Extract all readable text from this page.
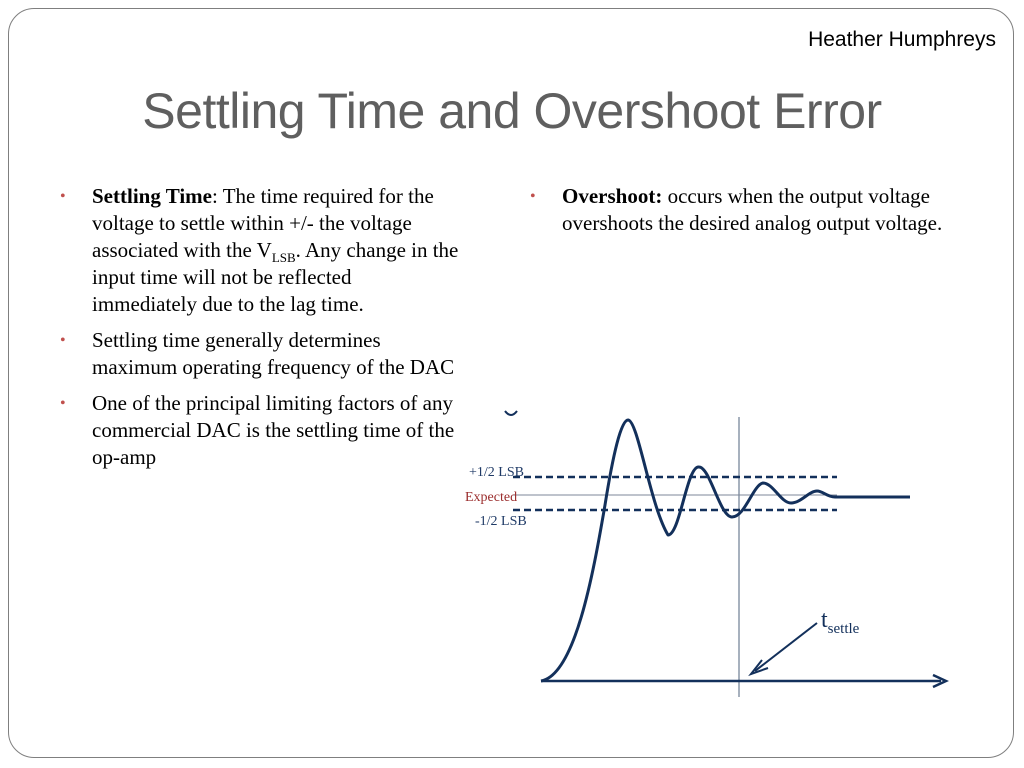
Heather Humphreys
Settling Time and Overshoot Error
• Settling Time: The time required for the voltage to settle within +/- the voltage associated with the $V_{LSB}$. Any change in the input time will not be reflected immediately due to the lag time.
• Settling time generally determines maximum operating frequency of the DAC
• One of the principal limiting factors of any commercial DAC is the settling time of the op-amp
• Overshoot: occurs when the output voltage overshoots the desired analog output voltage.
+1/2 LSB
Expected
-1/2 LSB
$t_{settle}$
